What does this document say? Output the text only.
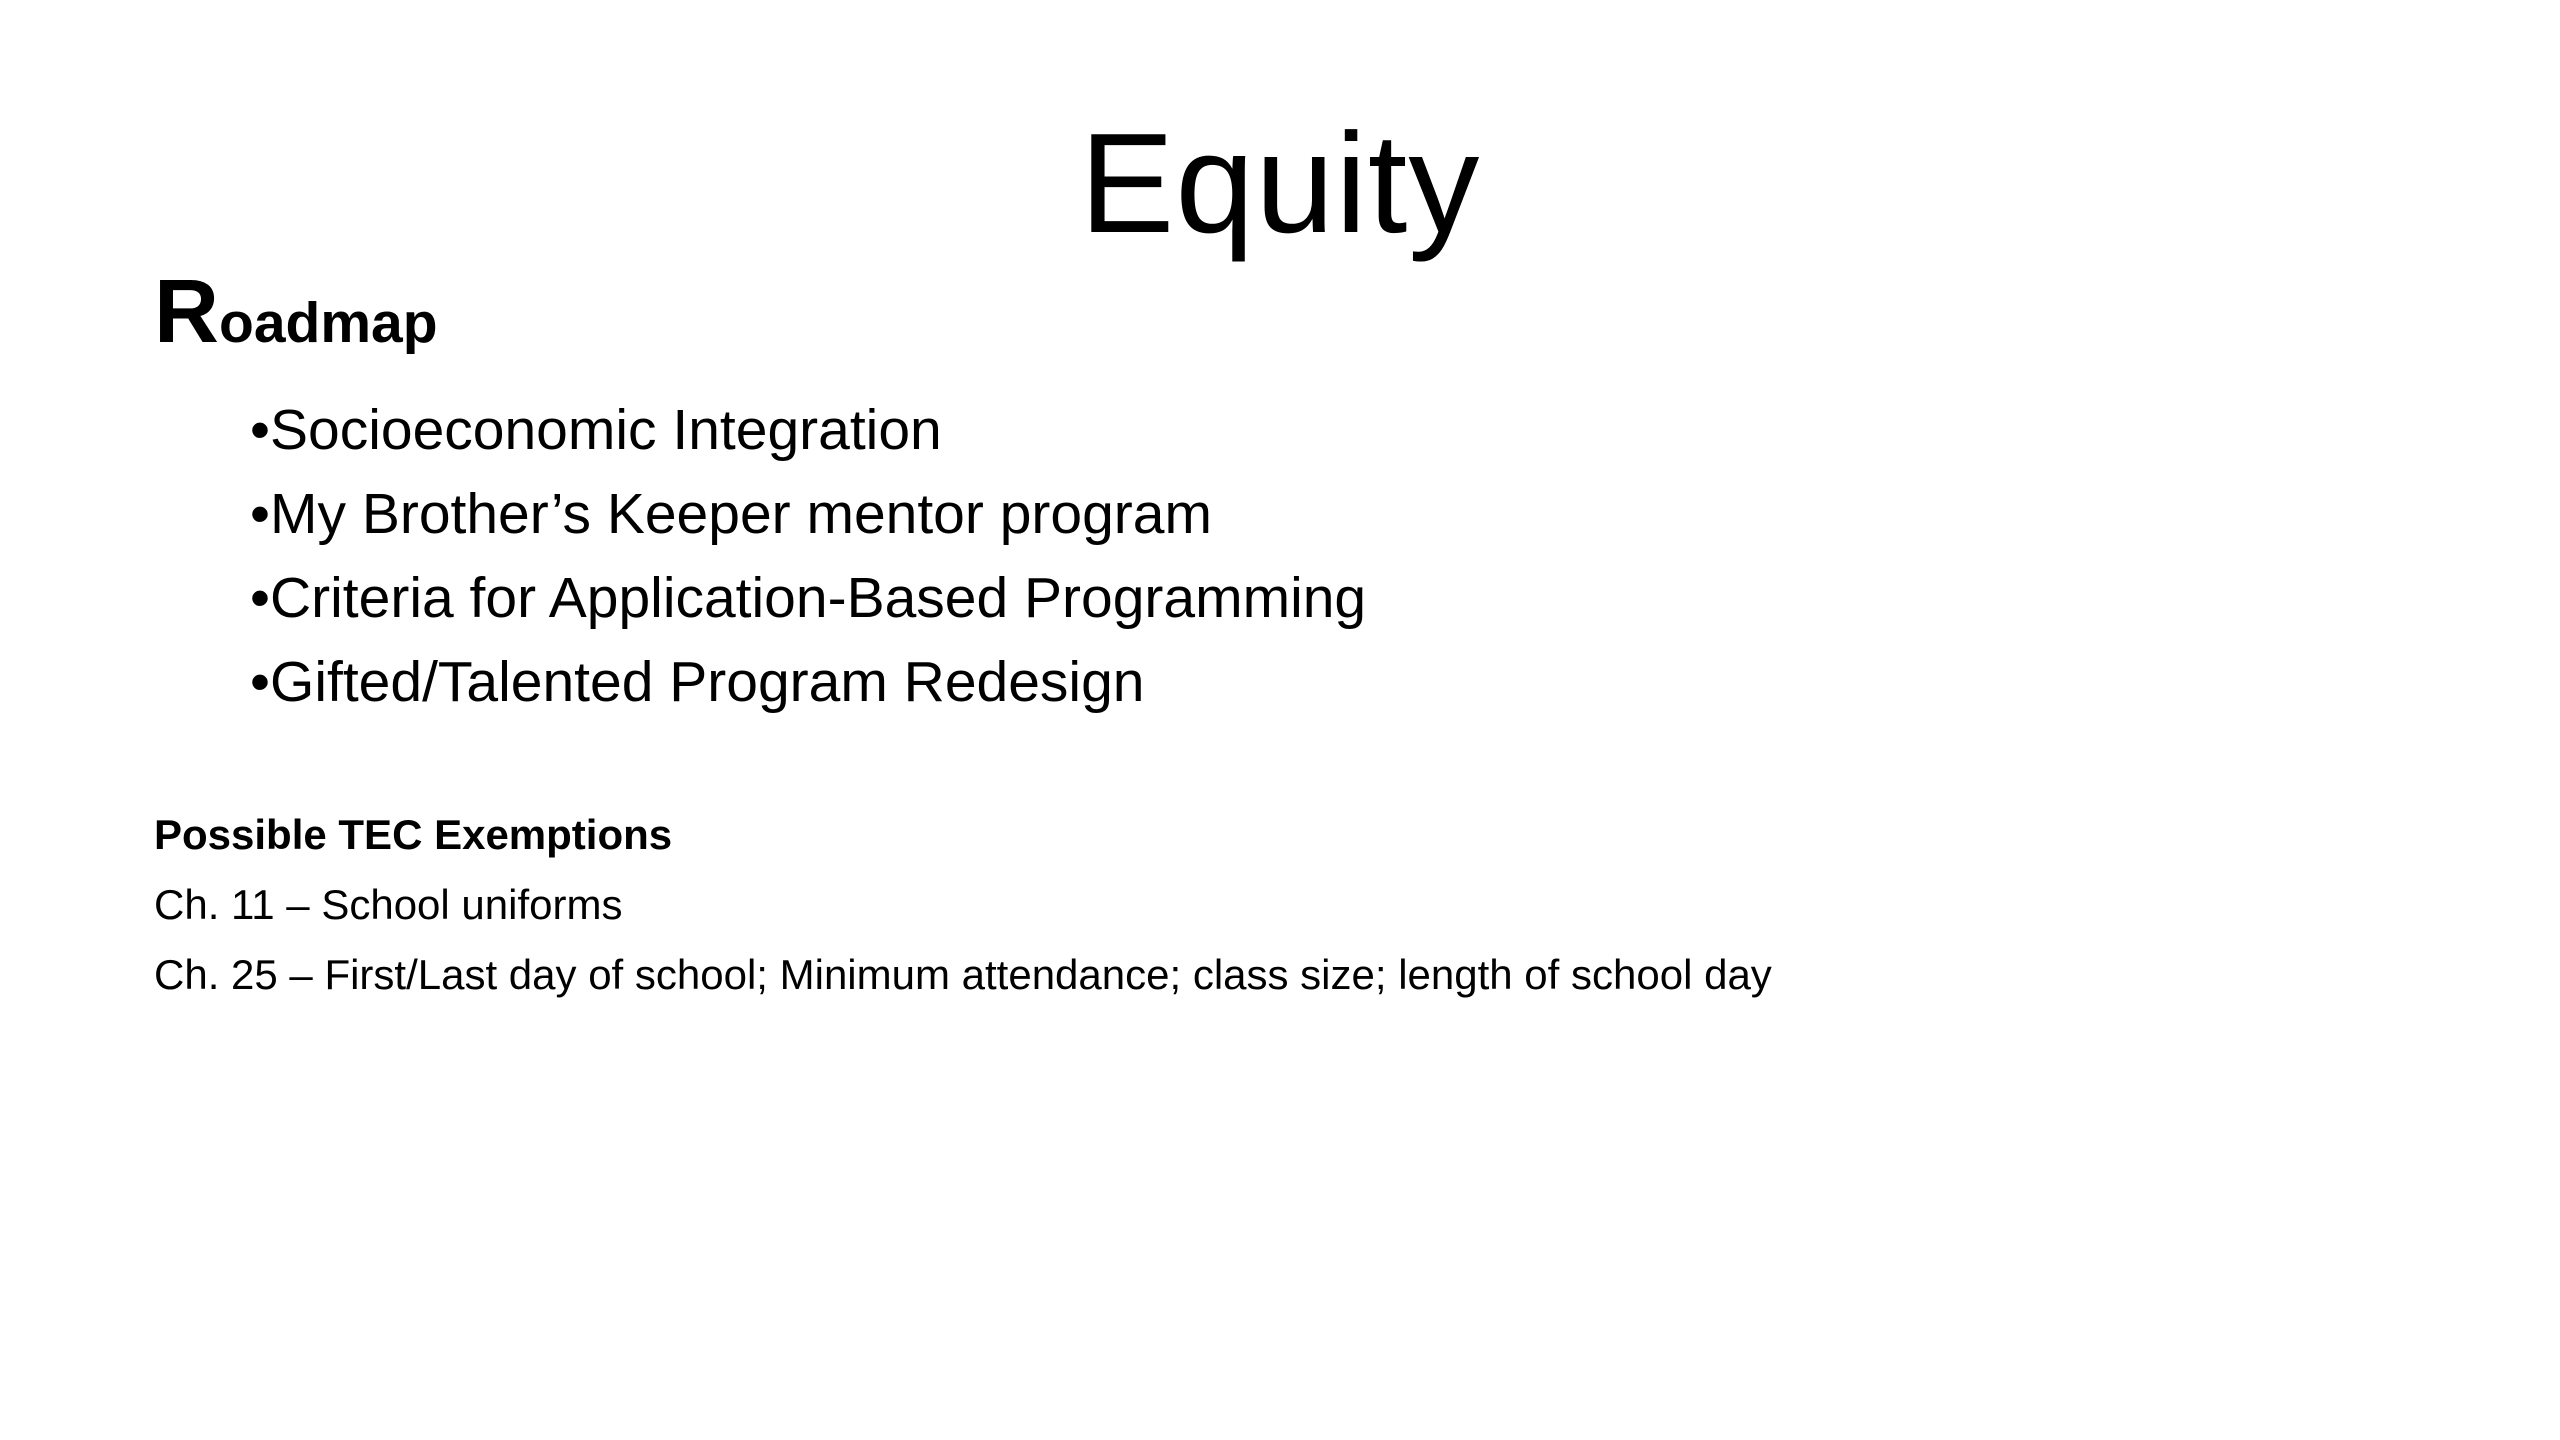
Equity
Roadmap
•Socioeconomic Integration
•My Brother’s Keeper mentor program
•Criteria for Application-Based Programming
•Gifted/Talented Program Redesign
Possible TEC Exemptions
Ch. 11 – School uniforms
Ch. 25 – First/Last day of school; Minimum attendance; class size; length of school day
